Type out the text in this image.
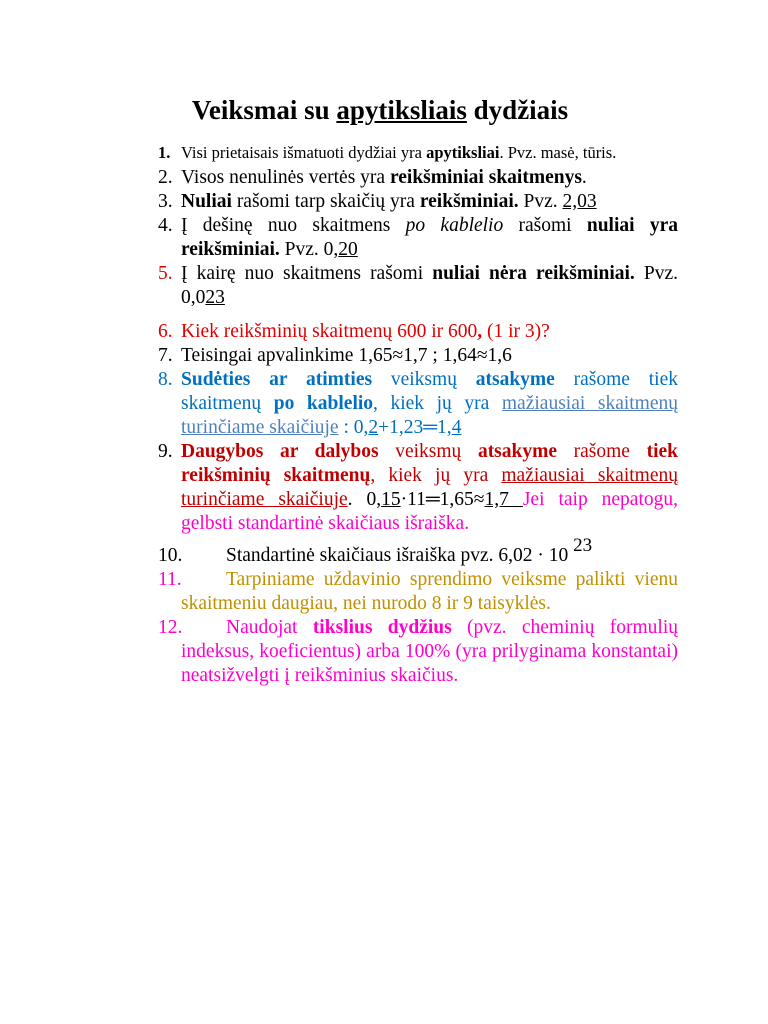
Veiksmai su apytiksliais dydžiais
1. Visi prietaisais išmatuoti dydžiai yra apytiksliai. Pvz. masė, tūris.
2. Visos nenulinės vertės yra reikšminiai skaitmenys.
3. Nuliai rašomi tarp skaičių yra reikšminiai. Pvz. 2,03
4. Į dešinę nuo skaitmens po kablelio rašomi nuliai yra reikšminiai. Pvz. 0,20
5. Į kairę nuo skaitmens rašomi nuliai nėra reikšminiai. Pvz. 0,023
6. Kiek reikšminių skaitmenų 600 ir 600, (1 ir 3)?
7. Teisingai apvalinkime 1,65≈1,7 ; 1,64≈1,6
8. Sudėties ar atimties veiksmų atsakyme rašome tiek skaitmenų po kablelio, kiek jų yra mažiausiai skaitmenų turinčiame skaičiuje : 0,2+1,23═1,4
9. Daugybos ar dalybos veiksmų atsakyme rašome tiek reikšminių skaitmenų, kiek jų yra mažiausiai skaitmenų turinčiame skaičiuje. 0,15·11═1,65≈1,7 Jei taip nepatogu, gelbsti standartinė skaičiaus išraiška.
10.	Standartinė skaičiaus išraiška pvz. 6,02 · 10 23
11. Tarpiniame uždavinio sprendimo veiksme palikti vienu skaitmeniu daugiau, nei nurodo 8 ir 9 taisyklės.
12. Naudojat tikslius dydžius (pvz. cheminių formulių indeksus, koeficientus) arba 100% (yra prilyginama konstantai) neatsižvelgti į reikšminius skaičius.
